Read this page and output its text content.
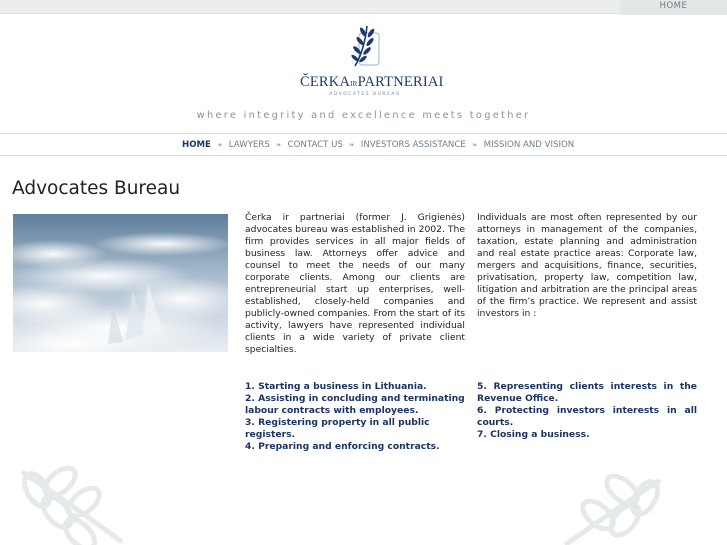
HOME
ČERKAIRPARTNERIAI
ADVOCATES BUREAU
where integrity and excellence meets together
HOME ❧ LAWYERS ❧ CONTACT US ❧ INVESTORS ASSISTANCE ❧ MISSION AND VISION
Advocates Bureau

Čerka ir partneriai (former J. Grigienės) advocates bureau was established in 2002. The firm provides services in all major fields of business law. Attorneys offer advice and counsel to meet the needs of our many corporate clients. Among our clients are entrepreneurial start up enterprises, well-established, closely-held companies and publicly-owned companies. From the start of its activity, lawyers have represented individual clients in a wide variety of private client specialties.

Individuals are most often represented by our attorneys in management of the companies, taxation, estate planning and administration and real estate practice areas: Corporate law, mergers and acquisitions, finance, securities, privatisation, property law, competition law, litigation and arbitration are the principal areas of the firm’s practice. We represent and assist investors in :

1. Starting a business in Lithuania.
2. Assisting in concluding and terminating labour contracts with employees.
3. Registering property in all public registers.
4. Preparing and enforcing contracts.
5. Representing clients interests in the Revenue Office.
6. Protecting investors interests in all courts.
7. Closing a business.
